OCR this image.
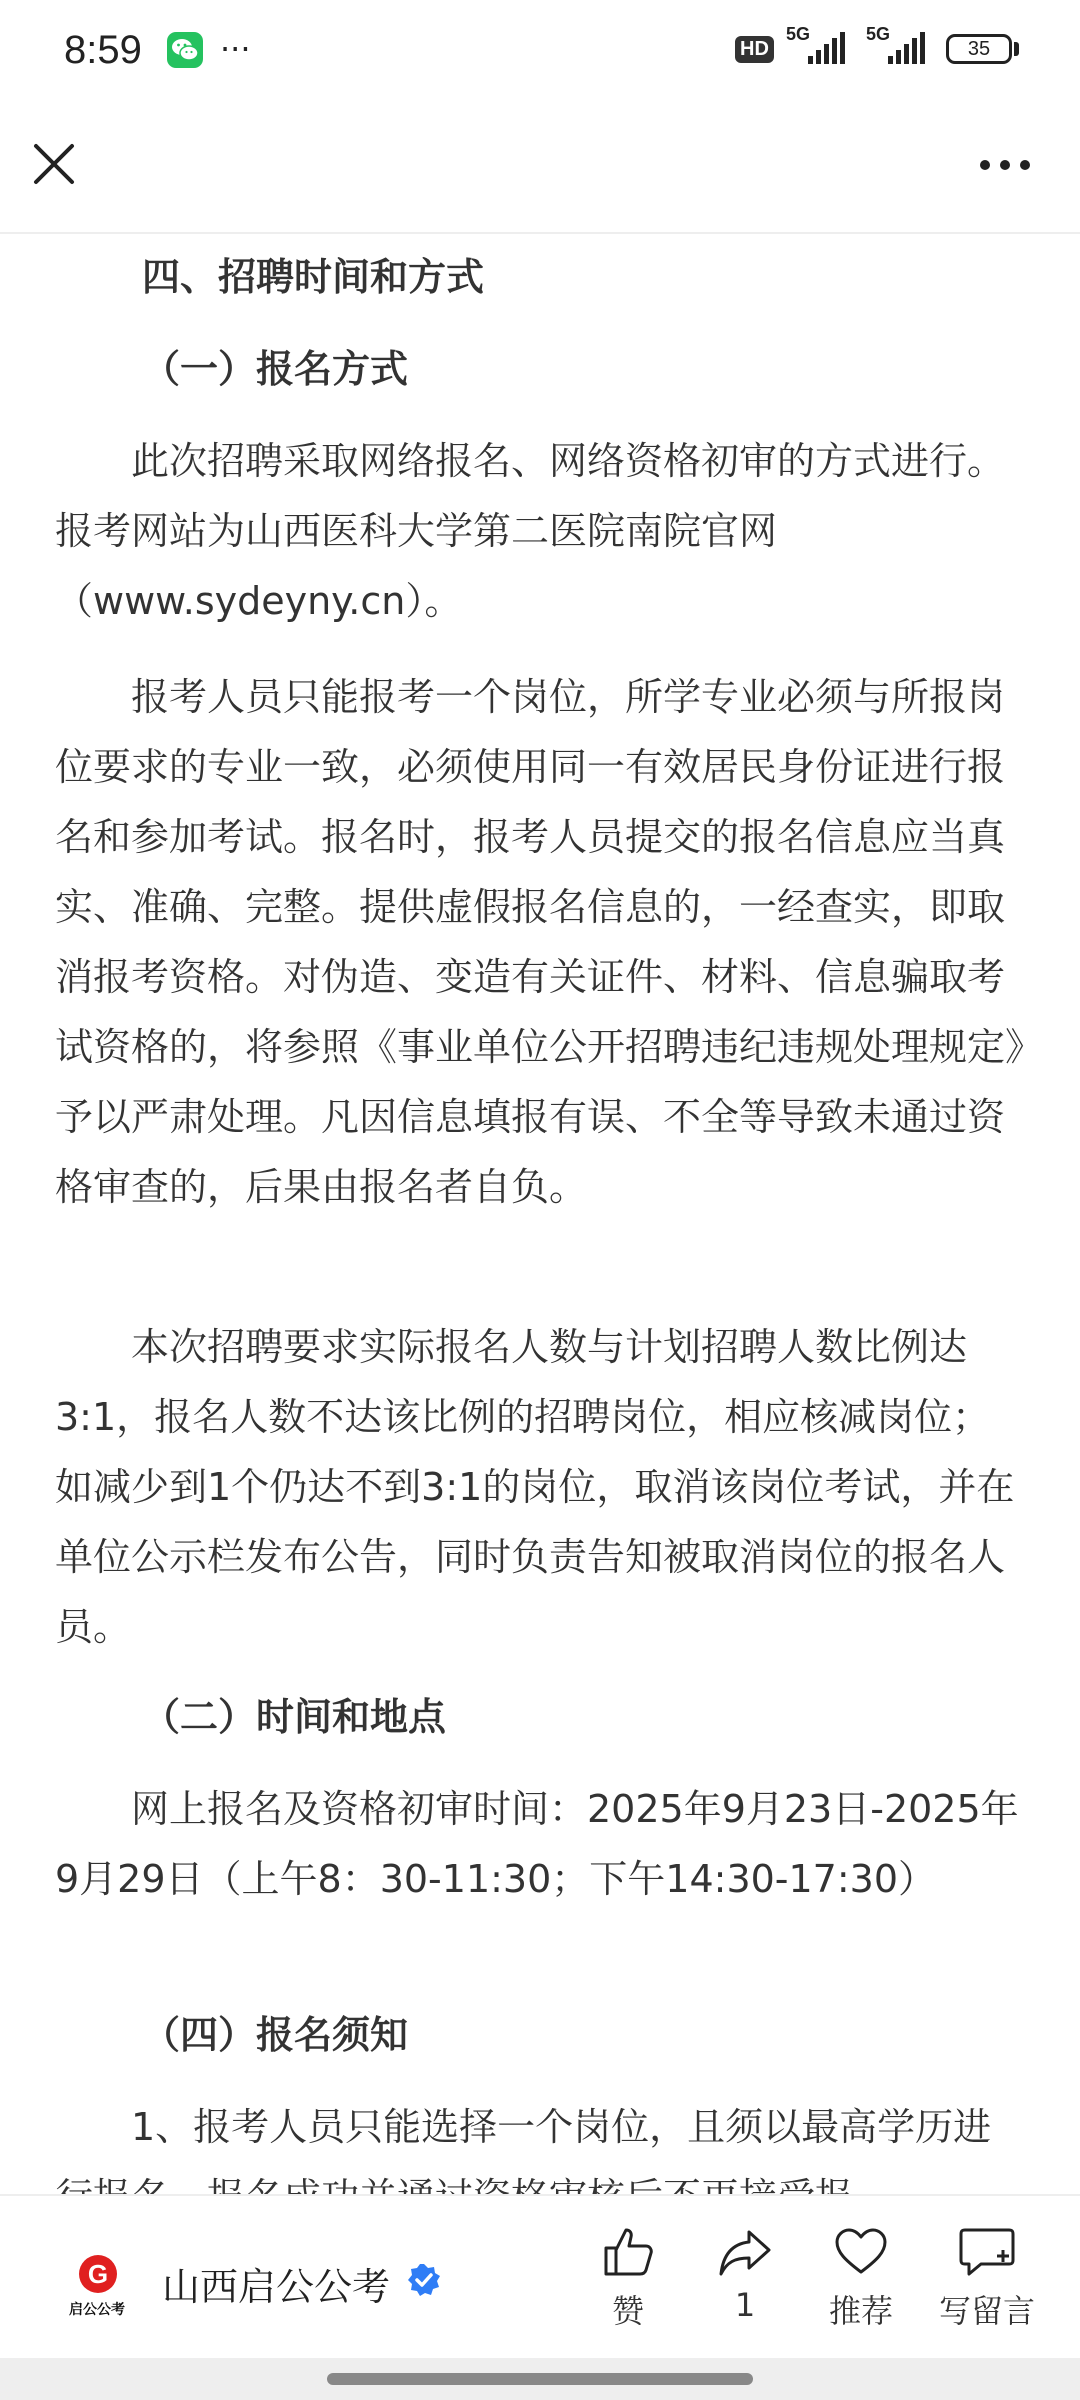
8:59 ···	HD
5G	5G
35
四、招聘时间和方式
（一）报名方式
此次招聘采取网络报名、网络资格初审的方式进行。报考网站为山西医科大学第二医院南院官网（www.sydeyny.cn）。
报考人员只能报考一个岗位，所学专业必须与所报岗位要求的专业一致，必须使用同一有效居民身份证进行报名和参加考试。报名时，报考人员提交的报名信息应当真实、准确、完整。提供虚假报名信息的，一经查实，即取消报考资格。对伪造、变造有关证件、材料、信息骗取考试资格的，将参照《事业单位公开招聘违纪违规处理规定》予以严肃处理。凡因信息填报有误、不全等导致未通过资格审查的，后果由报名者自负。
本次招聘要求实际报名人数与计划招聘人数比例达3:1，报名人数不达该比例的招聘岗位，相应核减岗位；如减少到1个仍达不到3:1的岗位，取消该岗位考试，并在单位公示栏发布公告，同时负责告知被取消岗位的报名人员。
（二）时间和地点
网上报名及资格初审时间：2025年9月23日-2025年9月29日（上午8：30-11:30；下午14:30-17:30）
（四）报名须知
1、报考人员只能选择一个岗位，且须以最高学历进
G
启公公考
山西启公公考
赞	1	推荐	写留言
